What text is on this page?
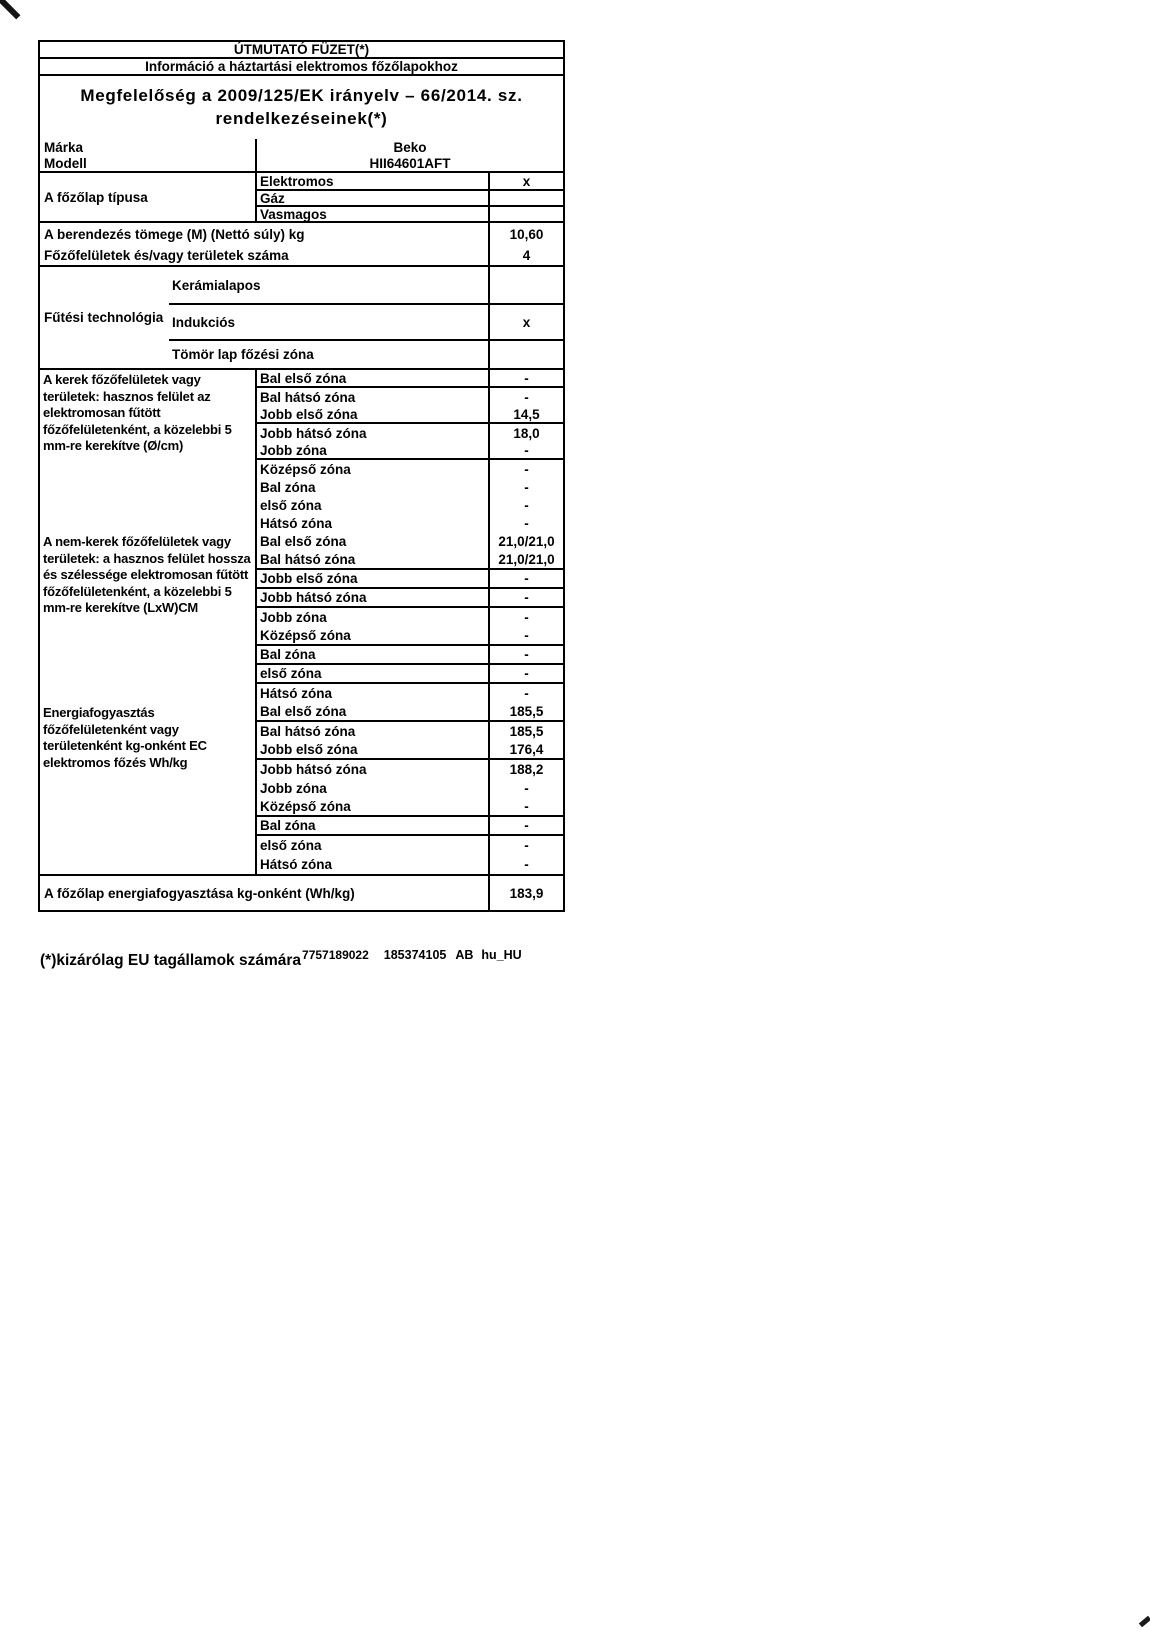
ÚTMUTATÓ FÜZET(*)
Információ a háztartási elektromos főzőlapokhoz
Megfelelőség a 2009/125/EK irányelv – 66/2014. sz.
rendelkezéseinek(*)
Márka	Beko
Modell	HII64601AFT
A főzőlap típusa
Elektromos	x
Gáz
Vasmagos
A berendezés tömege (M) (Nettó súly) kg	10,60
Főzőfelületek és/vagy területek száma	4
Fűtési technológia
Kerámialapos
Indukciós	x
Tömör lap főzési zóna
A kerek főzőfelületek vagy területek: hasznos felület az elektromosan fűtött főzőfelületenként, a közelebbi 5 mm-re kerekítve (Ø/cm)
Bal első zóna	-
Bal hátsó zóna	-
Jobb első zóna	14,5
Jobb hátsó zóna	18,0
Jobb zóna	-
Középső zóna	-
Bal zóna	-
első zóna	-
Hátsó zóna	-
A nem-kerek főzőfelületek vagy területek: a hasznos felület hossza és szélessége elektromosan fűtött főzőfelületenként, a közelebbi 5 mm-re kerekítve (LxW)CM
Bal első zóna	21,0/21,0
Bal hátsó zóna	21,0/21,0
Jobb első zóna	-
Jobb hátsó zóna	-
Jobb zóna	-
Középső zóna	-
Bal zóna	-
első zóna	-
Hátsó zóna	-
Energiafogyasztás főzőfelületenként vagy területenként kg-onként EC elektromos főzés Wh/kg
Bal első zóna	185,5
Bal hátsó zóna	185,5
Jobb első zóna	176,4
Jobb hátsó zóna	188,2
Jobb zóna	-
Középső zóna	-
Bal zóna	-
első zóna	-
Hátsó zóna	-
A főzőlap energiafogyasztása kg-onként (Wh/kg)	183,9
(*)kizárólag EU tagállamok számára$^{7757189022}$ $^{185374105}$ $^{AB}$ $^{hu\_HU}$
